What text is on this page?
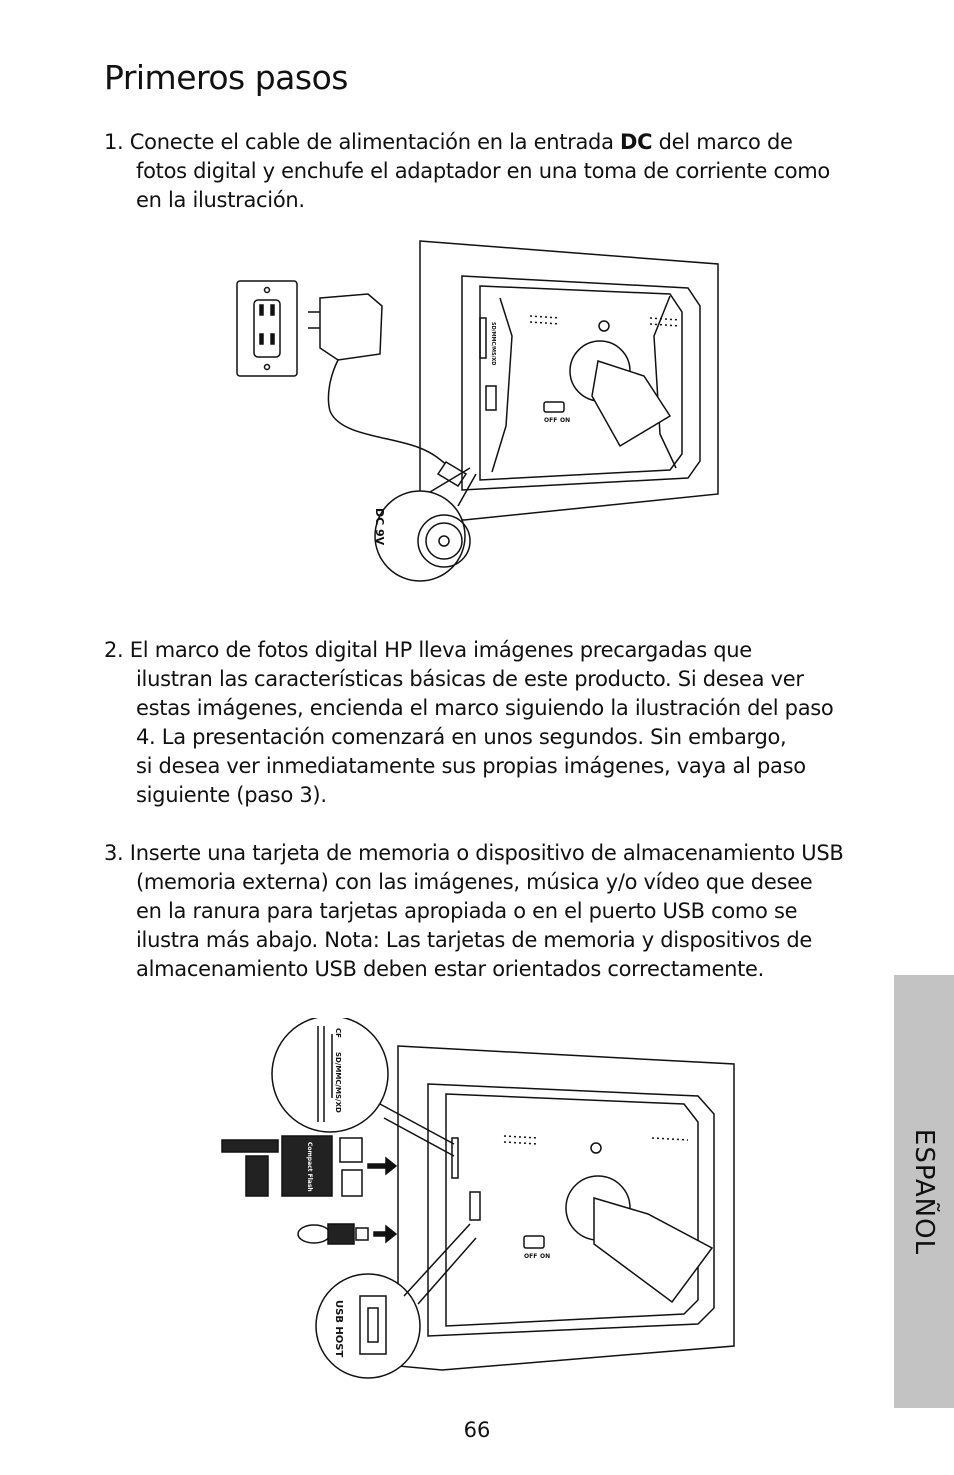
Primeros pasos
1. Conecte el cable de alimentación en la entrada DC del marco de
fotos digital y enchufe el adaptador en una toma de corriente como
en la ilustración.
DC 9V
SD/MMC/MS/XD
OFF ON
2. El marco de fotos digital HP lleva imágenes precargadas que
ilustran las características básicas de este producto. Si desea ver
estas imágenes, encienda el marco siguiendo la ilustración del paso
4. La presentación comenzará en unos segundos. Sin embargo,
si desea ver inmediatamente sus propias imágenes, vaya al paso
siguiente (paso 3).
3. Inserte una tarjeta de memoria o dispositivo de almacenamiento USB
(memoria externa) con las imágenes, música y/o vídeo que desee
en la ranura para tarjetas apropiada o en el puerto USB como se
ilustra más abajo. Nota: Las tarjetas de memoria y dispositivos de
almacenamiento USB deben estar orientados correctamente.
CF
SD/MMC/MS/XD
USB HOST
Compact Flash
OFF ON
ESPAÑOL
66
